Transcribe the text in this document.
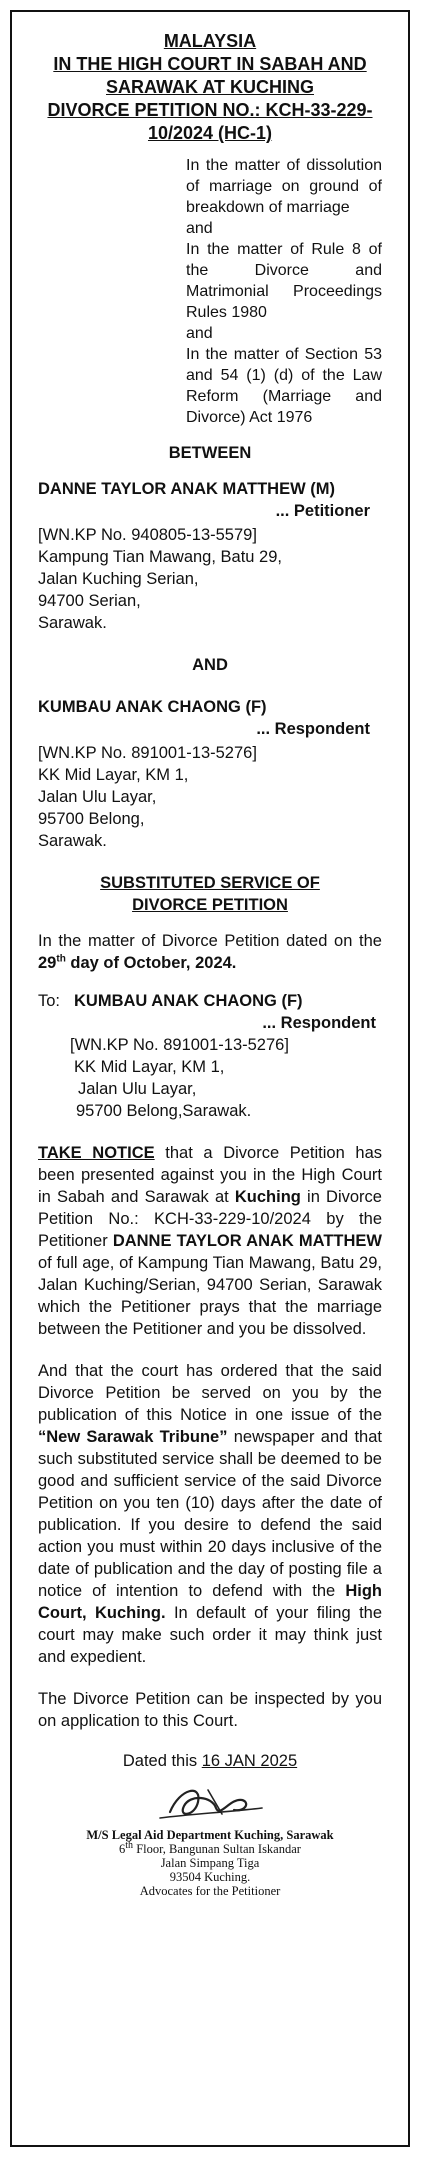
MALAYSIA
IN THE HIGH COURT IN SABAH AND
SARAWAK AT KUCHING
DIVORCE PETITION NO.: KCH-33-229-
10/2024 (HC-1)

In the matter of dissolution of marriage on ground of breakdown of marriage

and

In the matter of Rule 8 of the Divorce and Matrimonial Proceedings Rules 1980

and

In the matter of Section 53 and 54 (1) (d) of the Law Reform (Marriage and Divorce) Act 1976

BETWEEN
DANNE TAYLOR ANAK MATTHEW (M)
... Petitioner
[WN.KP No. 940805-13-5579]
Kampung Tian Mawang, Batu 29,
Jalan Kuching Serian,
94700 Serian,
Sarawak.
AND
KUMBAU ANAK CHAONG (F)
... Respondent
[WN.KP No. 891001-13-5276]
KK Mid Layar, KM 1,
Jalan Ulu Layar,
95700 Belong,
Sarawak.
SUBSTITUTED SERVICE OF
DIVORCE PETITION
In the matter of Divorce Petition dated on the 29th day of October, 2024.
To: KUMBAU ANAK CHAONG (F)
... Respondent
[WN.KP No. 891001-13-5276]
KK Mid Layar, KM 1,
Jalan Ulu Layar,
95700 Belong,Sarawak.
TAKE NOTICE that a Divorce Petition has been presented against you in the High Court in Sabah and Sarawak at Kuching in Divorce Petition No.: KCH-33-229-10/2024 by the Petitioner DANNE TAYLOR ANAK MATTHEW of full age, of Kampung Tian Mawang, Batu 29, Jalan Kuching/Serian, 94700 Serian, Sarawak which the Petitioner prays that the marriage between the Petitioner and you be dissolved.
And that the court has ordered that the said Divorce Petition be served on you by the publication of this Notice in one issue of the “New Sarawak Tribune” newspaper and that such substituted service shall be deemed to be good and sufficient service of the said Divorce Petition on you ten (10) days after the date of publication. If you desire to defend the said action you must within 20 days inclusive of the date of publication and the day of posting file a notice of intention to defend with the High Court, Kuching. In default of your filing the court may make such order it may think just and expedient.
The Divorce Petition can be inspected by you on application to this Court.
Dated this 16 JAN 2025
M/S Legal Aid Department Kuching, Sarawak
6th Floor, Bangunan Sultan Iskandar
Jalan Simpang Tiga
93504 Kuching.
Advocates for the Petitioner
